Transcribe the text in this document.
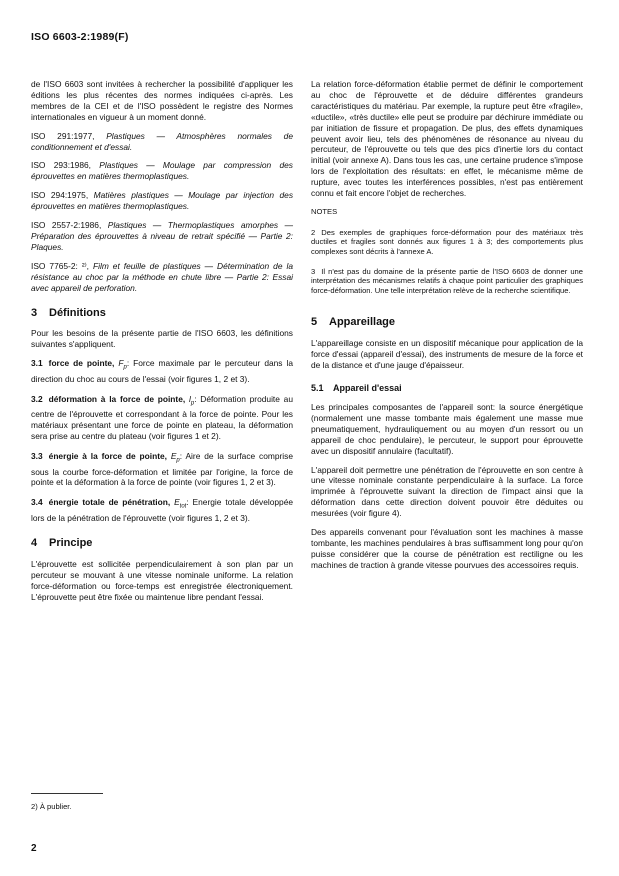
ISO 6603-2:1989(F)

de l'ISO 6603 sont invitées à rechercher la possibilité d'appliquer les éditions les plus récentes des normes indiquées ci-après. Les membres de la CEI et de l'ISO possèdent le registre des Normes internationales en vigueur à un moment donné.

ISO 291:1977, Plastiques — Atmosphères normales de conditionnement et d'essai.

ISO 293:1986, Plastiques — Moulage par compression des éprouvettes en matières thermoplastiques.

ISO 294:1975, Matières plastiques — Moulage par injection des éprouvettes en matières thermoplastiques.

ISO 2557-2:1986, Plastiques — Thermoplastiques amorphes — Préparation des éprouvettes à niveau de retrait spécifié — Partie 2: Plaques.

ISO 7765-2: ²⁾, Film et feuille de plastiques — Détermination de la résistance au choc par la méthode en chute libre — Partie 2: Essai avec appareil de perforation.

3 Définitions

Pour les besoins de la présente partie de l'ISO 6603, les définitions suivantes s'appliquent.

3.1 force de pointe, $F_p$: Force maximale par le percuteur dans la direction du choc au cours de l'essai (voir figures 1, 2 et 3).

3.2 déformation à la force de pointe, $l_p$: Déformation produite au centre de l'éprouvette et correspondant à la force de pointe. Pour les matériaux présentant une force de pointe en plateau, la déformation sera prise au centre du plateau (voir figures 1 et 2).

3.3 énergie à la force de pointe, $E_p$: Aire de la surface comprise sous la courbe force-déformation et limitée par l'origine, la force de pointe et la déformation à la force de pointe (voir figures 1, 2 et 3).

3.4 énergie totale de pénétration, $E_{tot}$: Energie totale développée lors de la pénétration de l'éprouvette (voir figures 1, 2 et 3).

4 Principe

L'éprouvette est sollicitée perpendiculairement à son plan par un percuteur se mouvant à une vitesse nominale uniforme. La relation force-déformation ou force-temps est enregistrée électroniquement. L'éprouvette peut être fixée ou maintenue libre pendant l'essai.

La relation force-déformation établie permet de définir le comportement au choc de l'éprouvette et de déduire différentes grandeurs caractéristiques du matériau. Par exemple, la rupture peut être «fragile», «ductile», «très ductile» elle peut se produire par déchirure immédiate ou par initiation de fissure et propagation. De plus, des effets dynamiques peuvent avoir lieu, tels des phénomènes de résonance au niveau du percuteur, de l'éprouvette ou tels que des pics d'inertie lors du contact initial (voir annexe A). Dans tous les cas, une certaine prudence s'impose lors de l'exploitation des résultats: en effet, le mécanisme même de rupture, avec toutes les interférences possibles, n'est pas entièrement connu et fait encore l'objet de recherches.

NOTES

2 Des exemples de graphiques force-déformation pour des matériaux très ductiles et fragiles sont donnés aux figures 1 à 3; des comportements plus complexes sont décrits à l'annexe A.

3 Il n'est pas du domaine de la présente partie de l'ISO 6603 de donner une interprétation des mécanismes relatifs à chaque point particulier des graphiques force-déformation. Une telle interprétation relève de la recherche scientifique.

5 Appareillage

L'appareillage consiste en un dispositif mécanique pour application de la force d'essai (appareil d'essai), des instruments de mesure de la force et de la distance et d'une jauge d'épaisseur.

5.1 Appareil d'essai

Les principales composantes de l'appareil sont: la source énergétique (normalement une masse tombante mais également une masse mue pneumatiquement, hydrauliquement ou au moyen d'un ressort ou un appareil de choc pendulaire), le percuteur, le support pour éprouvette avec un dispositif annulaire (facultatif).

L'appareil doit permettre une pénétration de l'éprouvette en son centre à une vitesse nominale constante perpendiculaire à la surface. La force imprimée à l'éprouvette suivant la direction de l'impact ainsi que la déformation dans cette direction doivent pouvoir être déduites ou mesurées (voir figure 4).

Des appareils convenant pour l'évaluation sont les machines à masse tombante, les machines pendulaires à bras suffisamment long pour qu'on puisse considérer que la course de pénétration est rectiligne ou les machines de traction à grande vitesse pourvues des accessoires requis.

2) À publier.
2
